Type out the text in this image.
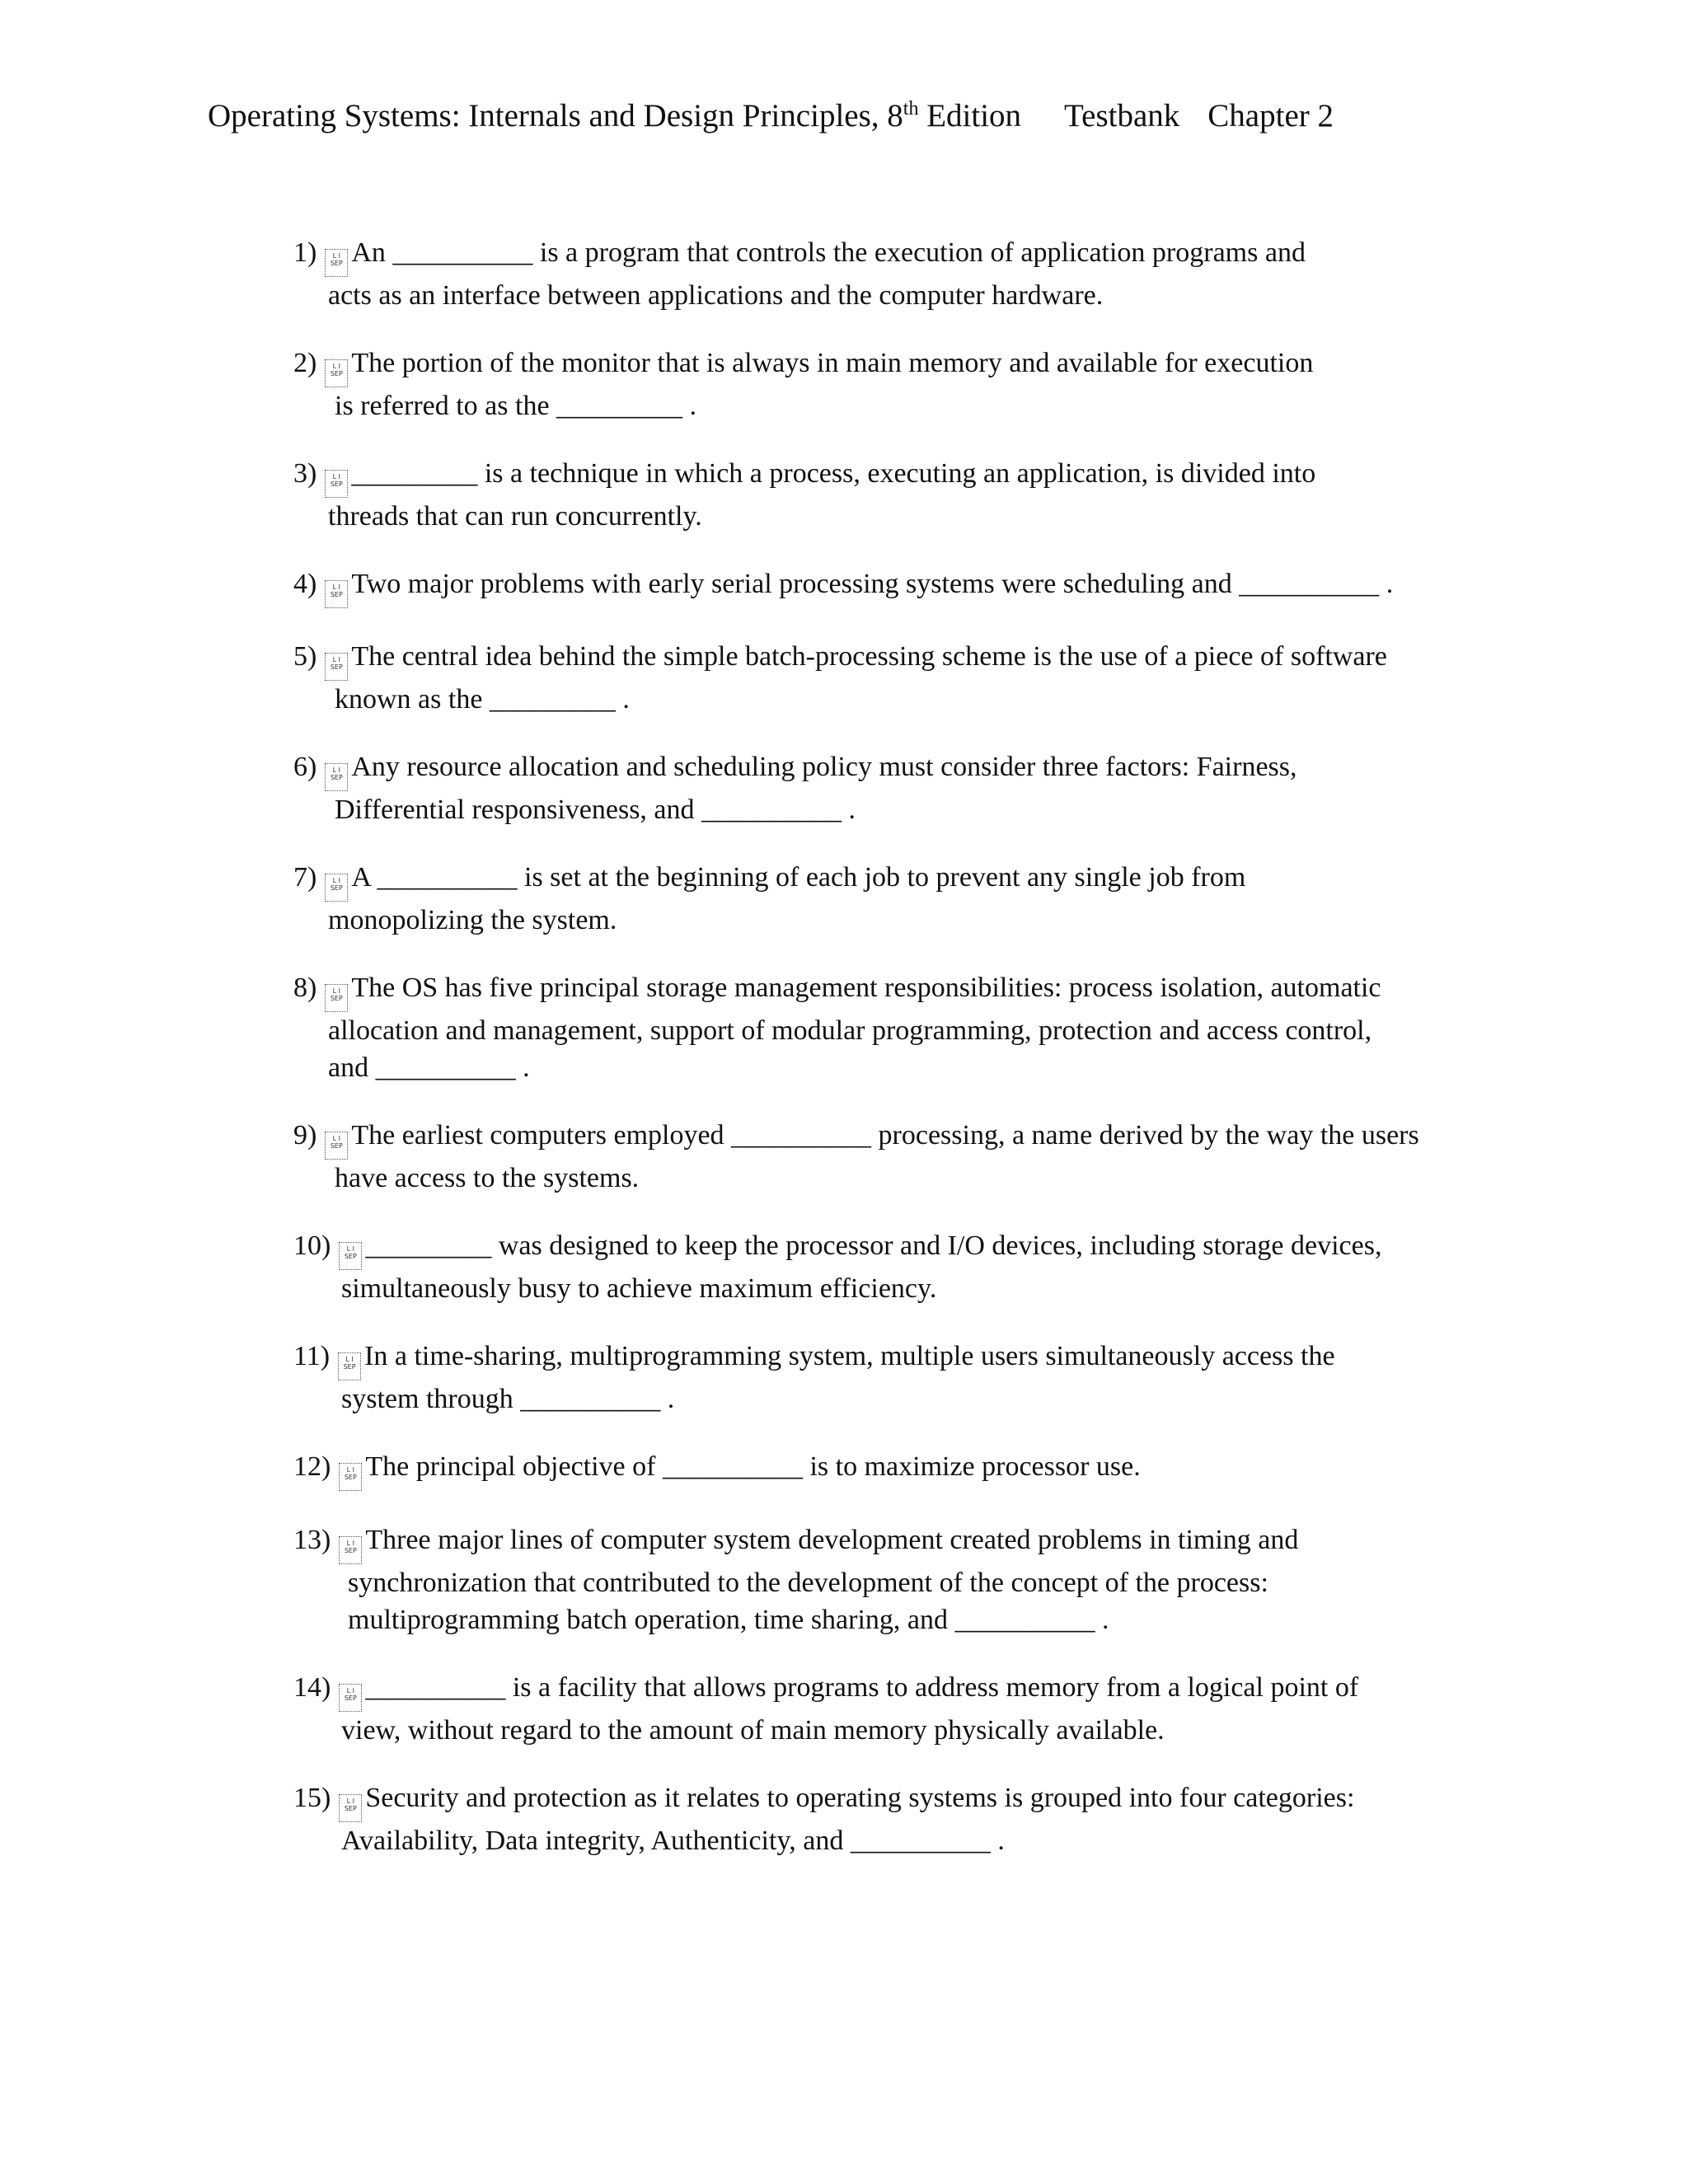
Operating Systems: Internals and Design Principles, 8th Edition Testbank Chapter 2
1)	L I
SEP An __________ is a program that controls the execution of application programs and
acts as an interface between applications and the computer hardware.
2)	L I
SEP The portion of the monitor that is always in main memory and available for execution
is referred to as the _________ .
3)	L I
SEP _________ is a technique in which a process, executing an application, is divided into
threads that can run concurrently.
4)	L I
SEP Two major problems with early serial processing systems were scheduling and __________ .
5)	L I
SEP The central idea behind the simple batch-processing scheme is the use of a piece of software
known as the _________ .
6)	L I
SEP Any resource allocation and scheduling policy must consider three factors: Fairness,
Differential responsiveness, and __________ .
7)	L I
SEP A __________ is set at the beginning of each job to prevent any single job from
monopolizing the system.
8)	L I
SEP The OS has five principal storage management responsibilities: process isolation, automatic
allocation and management, support of modular programming, protection and access control,
and __________ .
9)	L I
SEP The earliest computers employed __________ processing, a name derived by the way the users
have access to the systems.
10)	L I
SEP _________ was designed to keep the processor and I/O devices, including storage devices,
simultaneously busy to achieve maximum efficiency.
11)	L I
SEP In a time-sharing, multiprogramming system, multiple users simultaneously access the
system through __________ .
12)	L I
SEP The principal objective of __________ is to maximize processor use.
13)	L I
SEP Three major lines of computer system development created problems in timing and
synchronization that contributed to the development of the concept of the process:
multiprogramming batch operation, time sharing, and __________ .
14)	L I
SEP __________ is a facility that allows programs to address memory from a logical point of
view, without regard to the amount of main memory physically available.
15)	L I
SEP Security and protection as it relates to operating systems is grouped into four categories:
Availability, Data integrity, Authenticity, and __________ .
